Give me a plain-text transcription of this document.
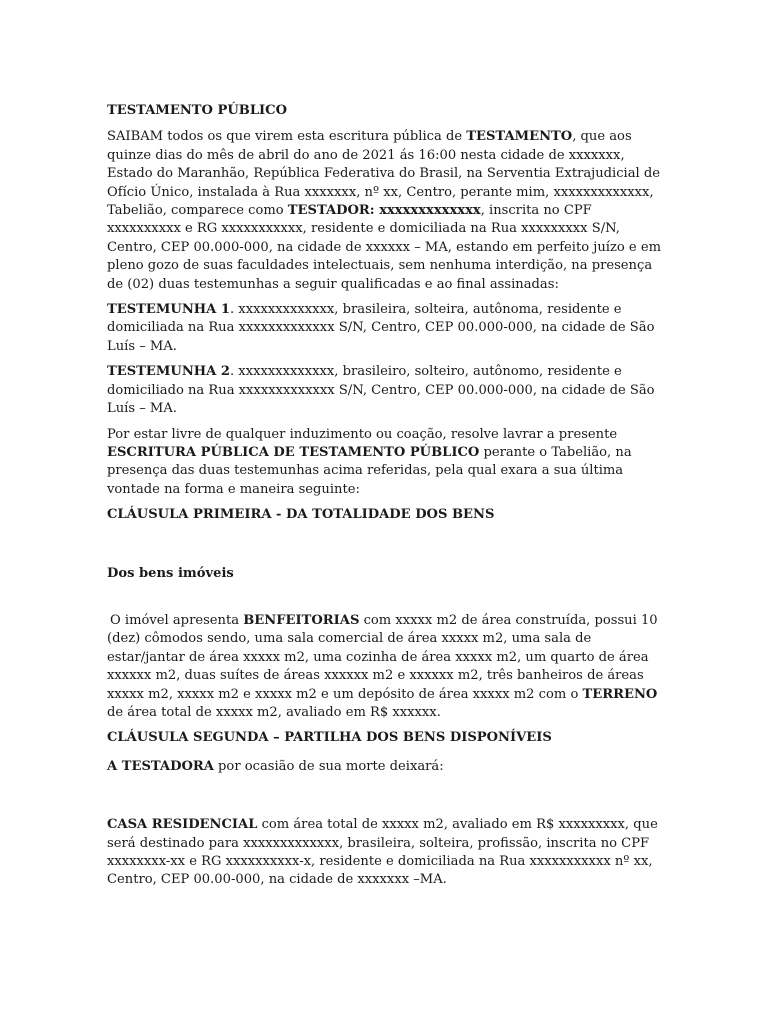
TESTAMENTO PÚBLICO

SAIBAM todos os que virem esta escritura pública de TESTAMENTO, que aos quinze dias do mês de abril do ano de 2021 ás 16:00 nesta cidade de xxxxxxx, Estado do Maranhão, República Federativa do Brasil, na Serventia Extrajudicial de Ofício Único, instalada à Rua xxxxxxx, nº xx, Centro, perante mim, xxxxxxxxxxxxx, Tabelião, comparece como TESTADOR: xxxxxxxxxxxxx, inscrita no CPF xxxxxxxxxx e RG xxxxxxxxxxx, residente e domiciliada na Rua xxxxxxxxx S/N, Centro, CEP 00.000-000, na cidade de xxxxxx – MA, estando em perfeito juízo e em pleno gozo de suas faculdades intelectuais, sem nenhuma interdição, na presença de (02) duas testemunhas a seguir qualificadas e ao final assinadas:

TESTEMUNHA 1. xxxxxxxxxxxxx, brasileira, solteira, autônoma, residente e domiciliada na Rua xxxxxxxxxxxxx S/N, Centro, CEP 00.000-000, na cidade de São Luís – MA.

TESTEMUNHA 2. xxxxxxxxxxxxx, brasileiro, solteiro, autônomo, residente e domiciliado na Rua xxxxxxxxxxxxx S/N, Centro, CEP 00.000-000, na cidade de São Luís – MA.

Por estar livre de qualquer induzimento ou coação, resolve lavrar a presente ESCRITURA PÚBLICA DE TESTAMENTO PÚBLICO perante o Tabelião, na presença das duas testemunhas acima referidas, pela qual exara a sua última vontade na forma e maneira seguinte:

CLÁUSULA PRIMEIRA - DA TOTALIDADE DOS BENS

Dos bens imóveis

O imóvel apresenta BENFEITORIAS com xxxxx m2 de área construída, possui 10 (dez) cômodos sendo, uma sala comercial de área xxxxx m2, uma sala de estar/jantar de área xxxxx m2, uma cozinha de área xxxxx m2, um quarto de área xxxxxx m2, duas suítes de áreas xxxxxx m2 e xxxxxx m2, três banheiros de áreas xxxxx m2, xxxxx m2 e xxxxx m2 e um depósito de área xxxxx m2 com o TERRENO de área total de xxxxx m2, avaliado em R$ xxxxxx.

CLÁUSULA SEGUNDA – PARTILHA DOS BENS DISPONÍVEIS

A TESTADORA por ocasião de sua morte deixará:

CASA RESIDENCIAL com área total de xxxxx m2, avaliado em R$ xxxxxxxxx, que será destinado para xxxxxxxxxxxxx, brasileira, solteira, profissão, inscrita no CPF xxxxxxxx-xx e RG xxxxxxxxxx-x, residente e domiciliada na Rua xxxxxxxxxxx nº xx, Centro, CEP 00.00-000, na cidade de xxxxxxx –MA.
